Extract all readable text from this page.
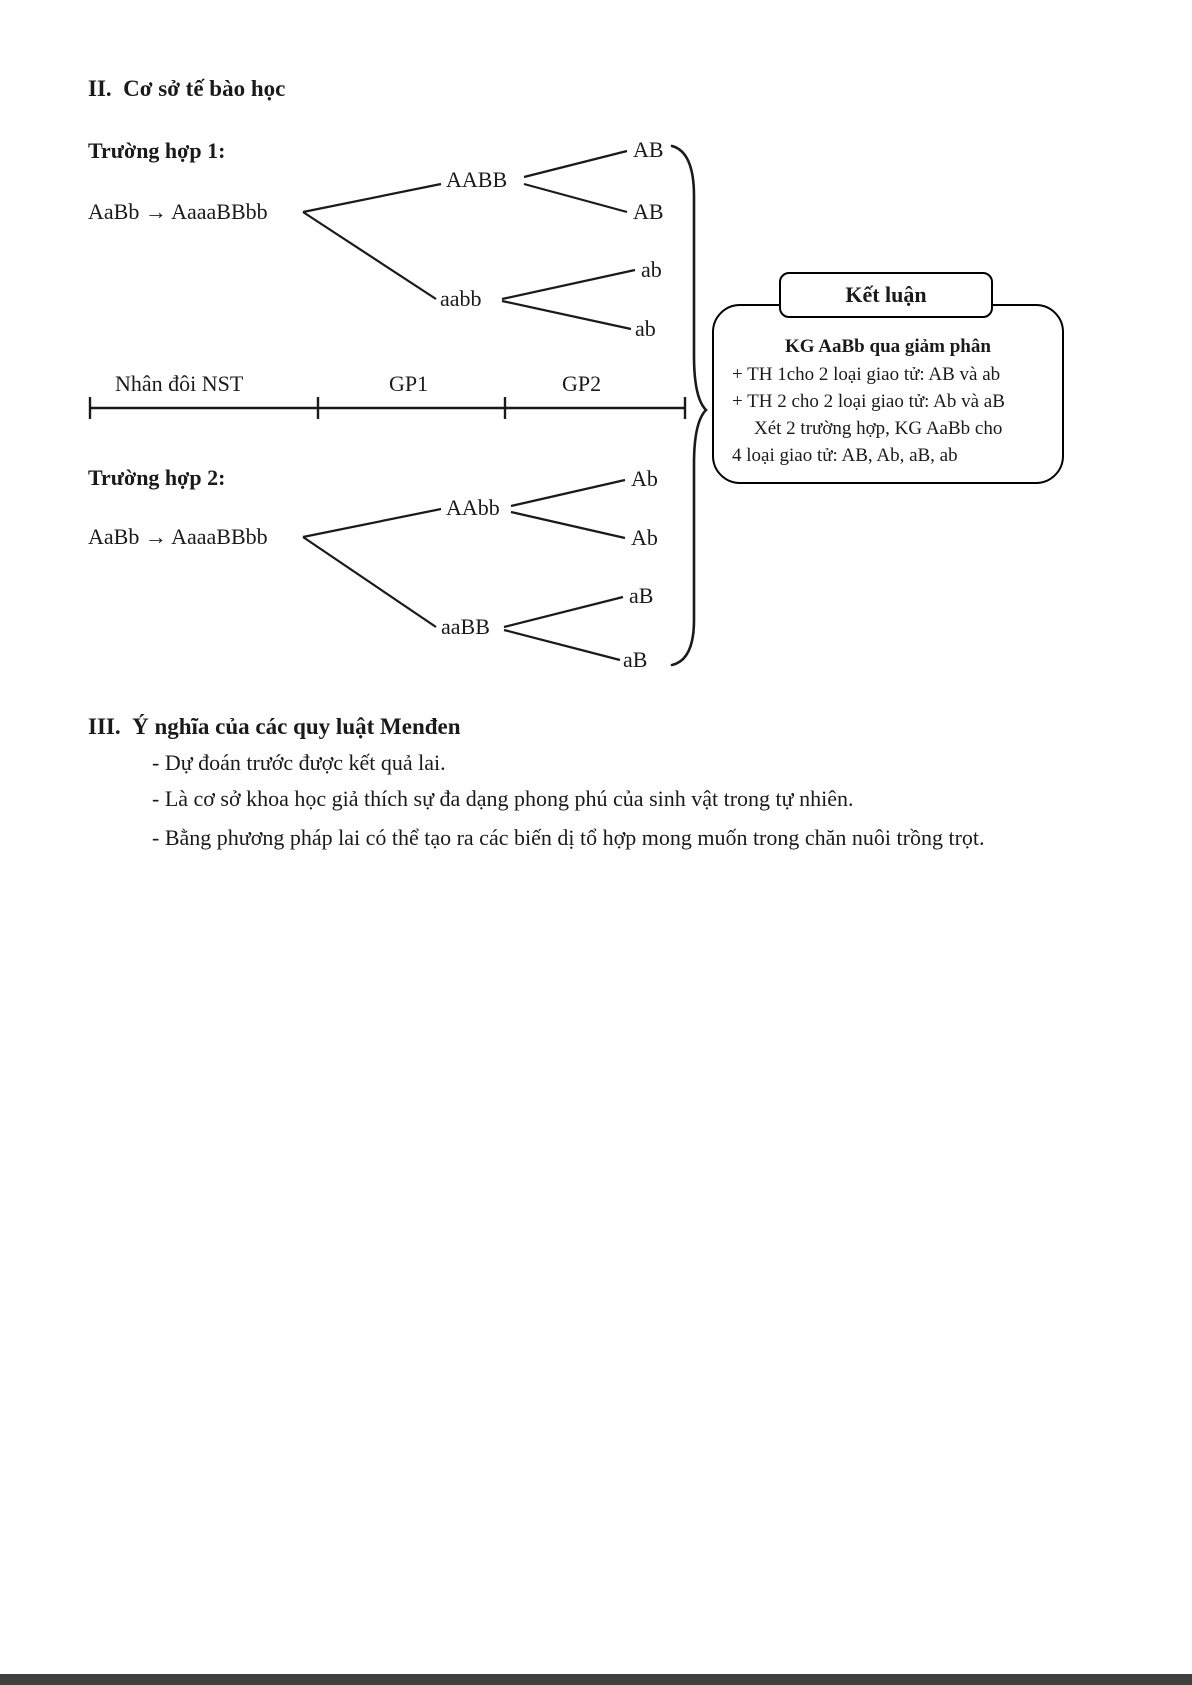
II.  Cơ sở tế bào học
Trường hợp 1:
AaBb → AaaaBBbb
AABB
aabb
AB
AB
ab
ab
Nhân đôi NST	GP1	GP2
Trường hợp 2:
AaBb → AaaaBBbb
AAbb
aaBB
Ab
Ab
aB
aB
KG AaBb qua giảm phân
+ TH 1cho 2 loại giao tử: AB và ab
+ TH 2 cho 2 loại giao tử: Ab và aB
Xét 2 trường hợp, KG AaBb cho
4 loại giao tử: AB, Ab, aB, ab
Kết luận
III.  Ý nghĩa của các quy luật Menđen
- Dự đoán trước được kết quả lai.
- Là cơ sở khoa học giả thích sự đa dạng phong phú của sinh vật trong tự nhiên.
- Bằng phương pháp lai có thể tạo ra các biến dị tổ hợp mong muốn trong chăn nuôi trồng trọt.
